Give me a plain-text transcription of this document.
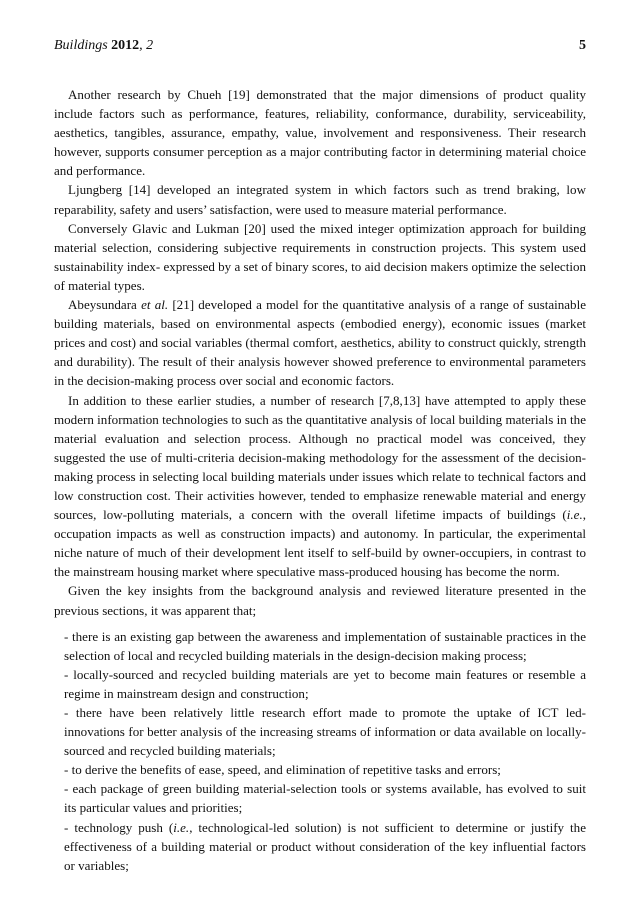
Buildings 2012, 2	5

Another research by Chueh [19] demonstrated that the major dimensions of product quality include factors such as performance, features, reliability, conformance, durability, serviceability, aesthetics, tangibles, assurance, empathy, value, involvement and responsiveness. Their research however, supports consumer perception as a major contributing factor in determining material choice and performance.

Ljungberg [14] developed an integrated system in which factors such as trend braking, low reparability, safety and users’ satisfaction, were used to measure material performance.

Conversely Glavic and Lukman [20] used the mixed integer optimization approach for building material selection, considering subjective requirements in construction projects. This system used sustainability index- expressed by a set of binary scores, to aid decision makers optimize the selection of material types.

Abeysundara et al. [21] developed a model for the quantitative analysis of a range of sustainable building materials, based on environmental aspects (embodied energy), economic issues (market prices and cost) and social variables (thermal comfort, aesthetics, ability to construct quickly, strength and durability). The result of their analysis however showed preference to environmental parameters in the decision-making process over social and economic factors.

In addition to these earlier studies, a number of research [7,8,13] have attempted to apply these modern information technologies to such as the quantitative analysis of local building materials in the material evaluation and selection process. Although no practical model was conceived, they suggested the use of multi-criteria decision-making methodology for the assessment of the decision-making process in selecting local building materials under issues which relate to technical factors and low construction cost. Their activities however, tended to emphasize renewable material and energy sources, low-polluting materials, a concern with the overall lifetime impacts of buildings (i.e., occupation impacts as well as construction impacts) and autonomy. In particular, the experimental niche nature of much of their development lent itself to self-build by owner-occupiers, in contrast to the mainstream housing market where speculative mass-produced housing has become the norm.

Given the key insights from the background analysis and reviewed literature presented in the previous sections, it was apparent that;

- there is an existing gap between the awareness and implementation of sustainable practices in the selection of local and recycled building materials in the design-decision making process;
- locally-sourced and recycled building materials are yet to become main features or resemble a regime in mainstream design and construction;
- there have been relatively little research effort made to promote the uptake of ICT led- innovations for better analysis of the increasing streams of information or data available on locally-sourced and recycled building materials;
- to derive the benefits of ease, speed, and elimination of repetitive tasks and errors;
- each package of green building material-selection tools or systems available, has evolved to suit its particular values and priorities;
- technology push (i.e., technological-led solution) is not sufficient to determine or justify the effectiveness of a building material or product without consideration of the key influential factors or variables;
